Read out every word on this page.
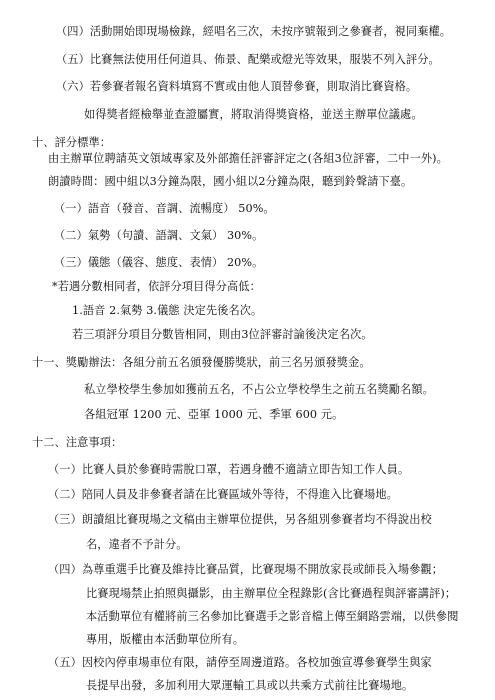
（四）活動開始即現場檢錄，經唱名三次，未按序號報到之參賽者，視同棄權。
（五）比賽無法使用任何道具、佈景、配樂或燈光等效果，服裝不列入評分。
（六）若參賽者報名資料填寫不實或由他人頂替參賽，則取消比賽資格。
如得獎者經檢舉並查證屬實，將取消得獎資格，並送主辦單位議處。
十、評分標準：
由主辦單位聘請英文領域專家及外部擔任評審評定之(各組3位評審，二中一外)。
朗讀時間：國中組以3分鐘為限，國小組以2分鐘為限，聽到鈴聲請下臺。
（一）語音（發音、音調、流暢度） 50%。
（二）氣勢（句讀、語調、文氣） 30%。
（三）儀態（儀容、態度、表情） 20%。
*若遇分數相同者，依評分項目得分高低：
1.語音 2.氣勢 3.儀態 決定先後名次。
若三項評分項目分數皆相同，則由3位評審討論後決定名次。
十一、獎勵辦法：各組分前五名頒發優勝獎狀，前三名另頒發獎金。
私立學校學生參加如獲前五名，不占公立學校學生之前五名獎勵名額。
各組冠軍 1200 元、亞軍 1000 元、季軍 600 元。
十二、注意事項：
（一）比賽人員於參賽時需脫口罩，若遇身體不適請立即告知工作人員。
（二）陪同人員及非參賽者請在比賽區域外等待，不得進入比賽場地。
（三）朗讀組比賽現場之文稿由主辦單位提供，另各組別參賽者均不得說出校
名，違者不予計分。
（四）為尊重選手比賽及維持比賽品質，比賽現場不開放家長或師長入場參觀；
比賽現場禁止拍照與攝影，由主辦單位全程錄影(含比賽過程與評審講評)；
本活動單位有權將前三名參加比賽選手之影音檔上傳至網路雲端，以供參閱
專用，版權由本活動單位所有。
（五）因校內停車場車位有限，請停至周邊道路。各校加強宣導參賽學生與家
長提早出發，多加利用大眾運輸工具或以共乘方式前往比賽場地。
